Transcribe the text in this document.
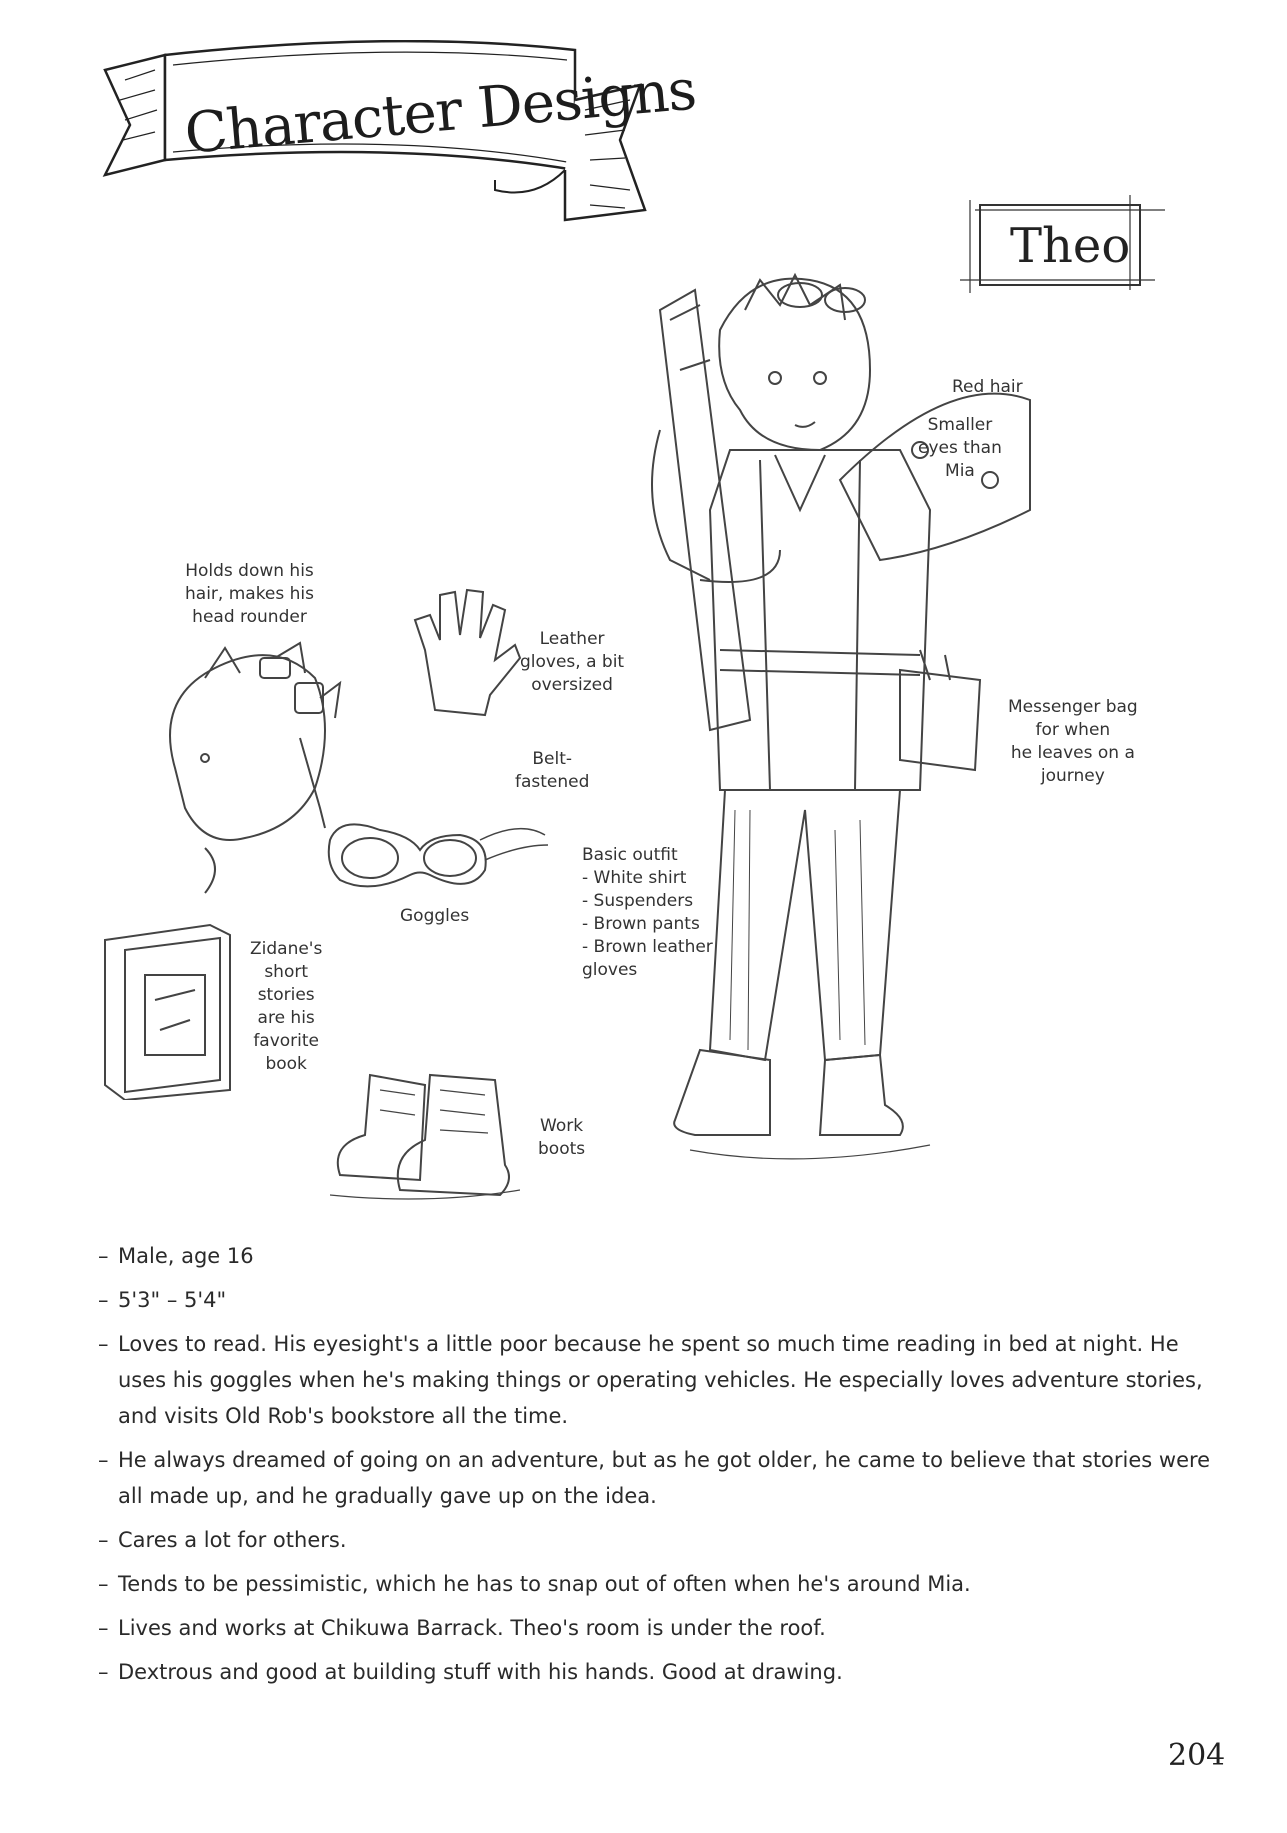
Character Designs
Theo
Red hair
Smaller
eyes than
Mia
Holds down his
hair, makes his
head rounder
Leather
gloves, a bit
oversized
Belt-
fastened
Goggles
Basic outfit
- White shirt
- Suspenders
- Brown pants
- Brown leather
gloves
Messenger bag
for when
he leaves on a
journey
Zidane's
short
stories
are his
favorite
book
Work
boots
– Male, age 16
– 5'3" – 5'4"
– Loves to read. His eyesight's a little poor because he spent so much time reading in bed at night. He uses his goggles when he's making things or operating vehicles. He especially loves adventure stories, and visits Old Rob's bookstore all the time.
– He always dreamed of going on an adventure, but as he got older, he came to believe that stories were all made up, and he gradually gave up on the idea.
– Cares a lot for others.
– Tends to be pessimistic, which he has to snap out of often when he's around Mia.
– Lives and works at Chikuwa Barrack. Theo's room is under the roof.
– Dextrous and good at building stuff with his hands. Good at drawing.
204
